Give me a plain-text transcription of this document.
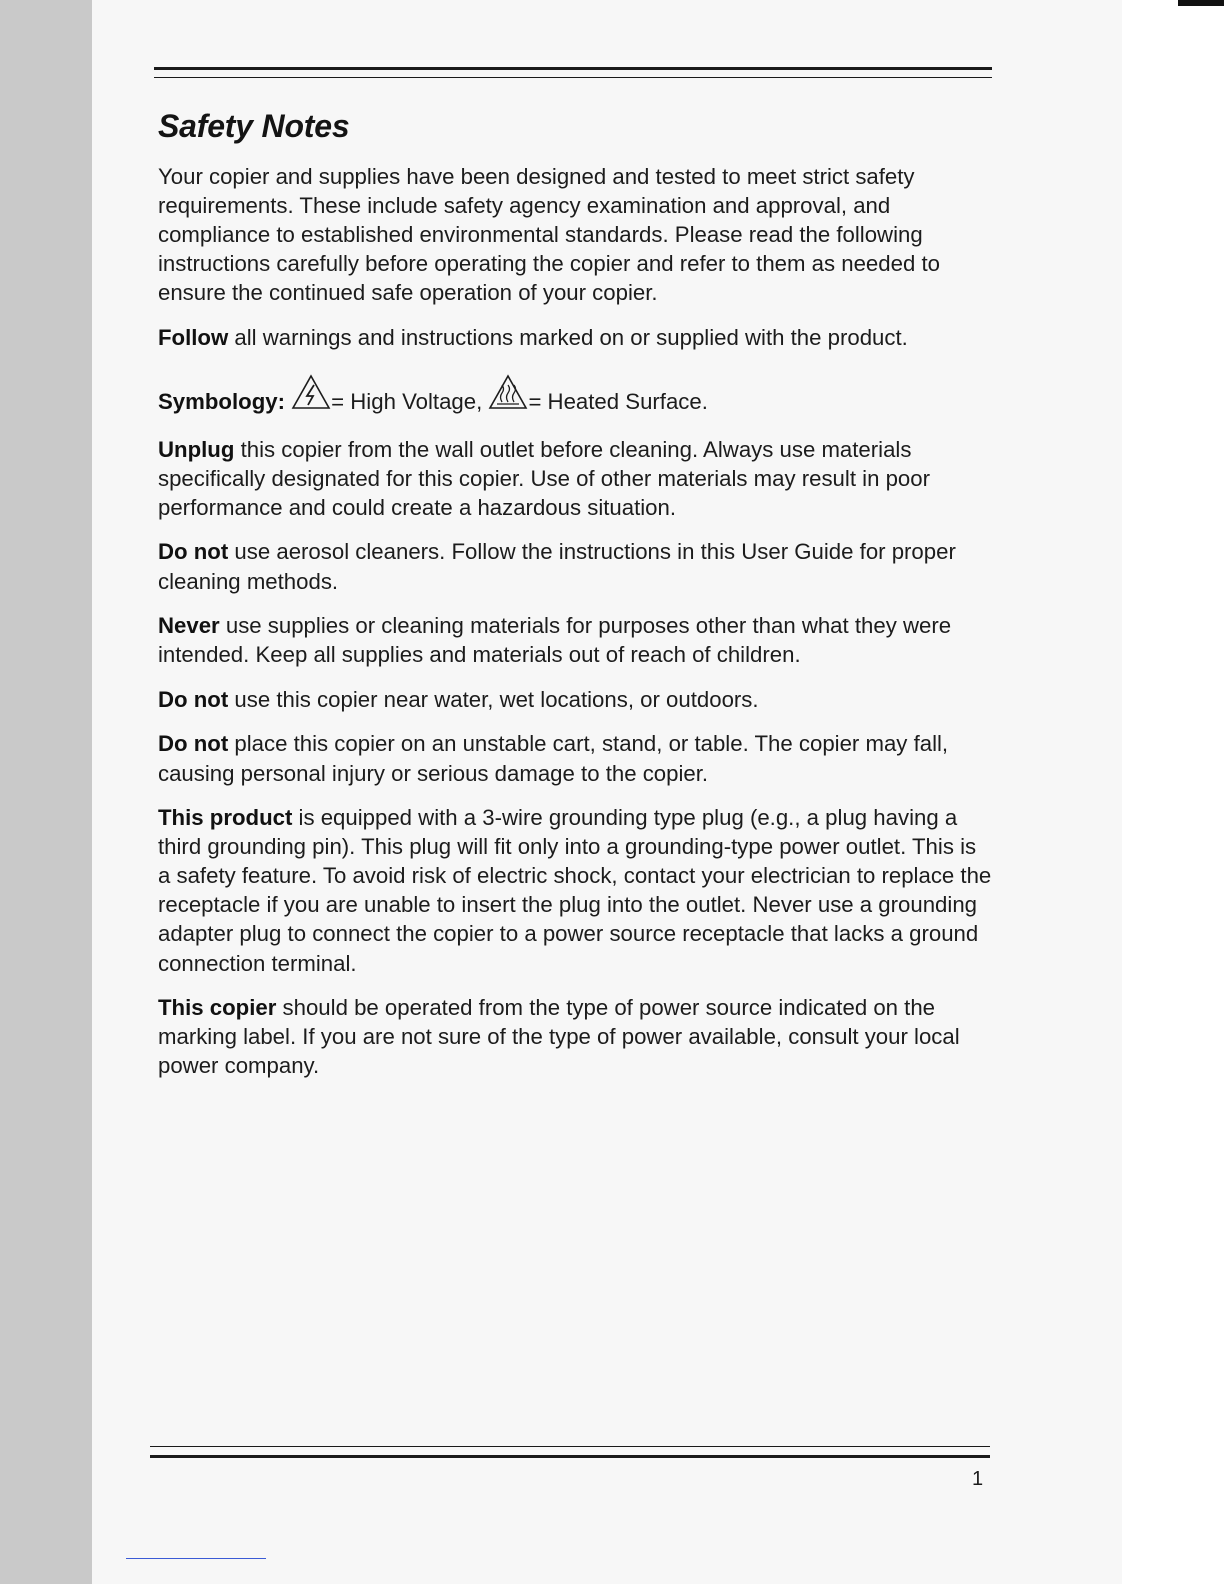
Safety Notes

Your copier and supplies have been designed and tested to meet strict safety requirements. These include safety agency examination and approval, and compliance to established environmental standards. Please read the following instructions carefully before operating the copier and refer to them as needed to ensure the continued safe operation of your copier.

Follow all warnings and instructions marked on or supplied with the product.

Symbology: = High Voltage, = Heated Surface.

Unplug this copier from the wall outlet before cleaning. Always use materials specifically designated for this copier. Use of other materials may result in poor performance and could create a hazardous situation.

Do not use aerosol cleaners. Follow the instructions in this User Guide for proper cleaning methods.

Never use supplies or cleaning materials for purposes other than what they were intended. Keep all supplies and materials out of reach of children.

Do not use this copier near water, wet locations, or outdoors.

Do not place this copier on an unstable cart, stand, or table. The copier may fall, causing personal injury or serious damage to the copier.

This product is equipped with a 3-wire grounding type plug (e.g., a plug having a third grounding pin). This plug will fit only into a grounding-type power outlet. This is a safety feature. To avoid risk of electric shock, contact your electrician to replace the receptacle if you are unable to insert the plug into the outlet. Never use a grounding adapter plug to connect the copier to a power source receptacle that lacks a ground connection terminal.

This copier should be operated from the type of power source indicated on the marking label. If you are not sure of the type of power available, consult your local power company.

1
